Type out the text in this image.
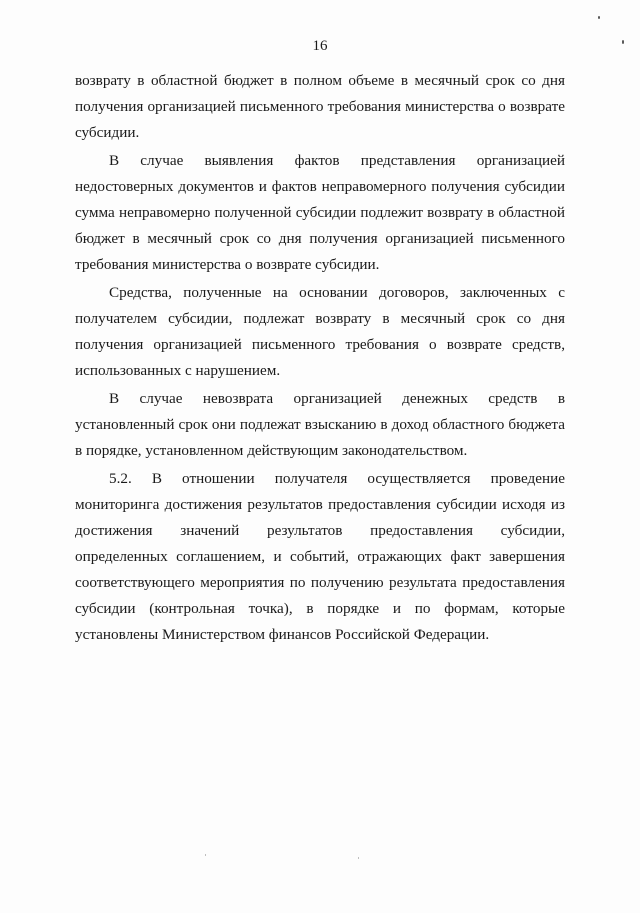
16

возврату в областной бюджет в полном объеме в месячный срок со дня получения организацией письменного требования министерства о возврате субсидии.

В случае выявления фактов представления организацией недостоверных документов и фактов неправомерного получения субсидии сумма неправомерно полученной субсидии подлежит возврату в областной бюджет в месячный срок со дня получения организацией письменного требования министерства о возврате субсидии.

Средства, полученные на основании договоров, заключенных с получателем субсидии, подлежат возврату в месячный срок со дня получения организацией письменного требования о возврате средств, использованных с нарушением.

В случае невозврата организацией денежных средств в установленный срок они подлежат взысканию в доход областного бюджета в порядке, установленном действующим законодательством.

5.2. В отношении получателя осуществляется проведение мониторинга достижения результатов предоставления субсидии исходя из достижения значений результатов предоставления субсидии, определенных соглашением, и событий, отражающих факт завершения соответствующего мероприятия по получению результата предоставления субсидии (контрольная точка), в порядке и по формам, которые установлены Министерством финансов Российской Федерации.
